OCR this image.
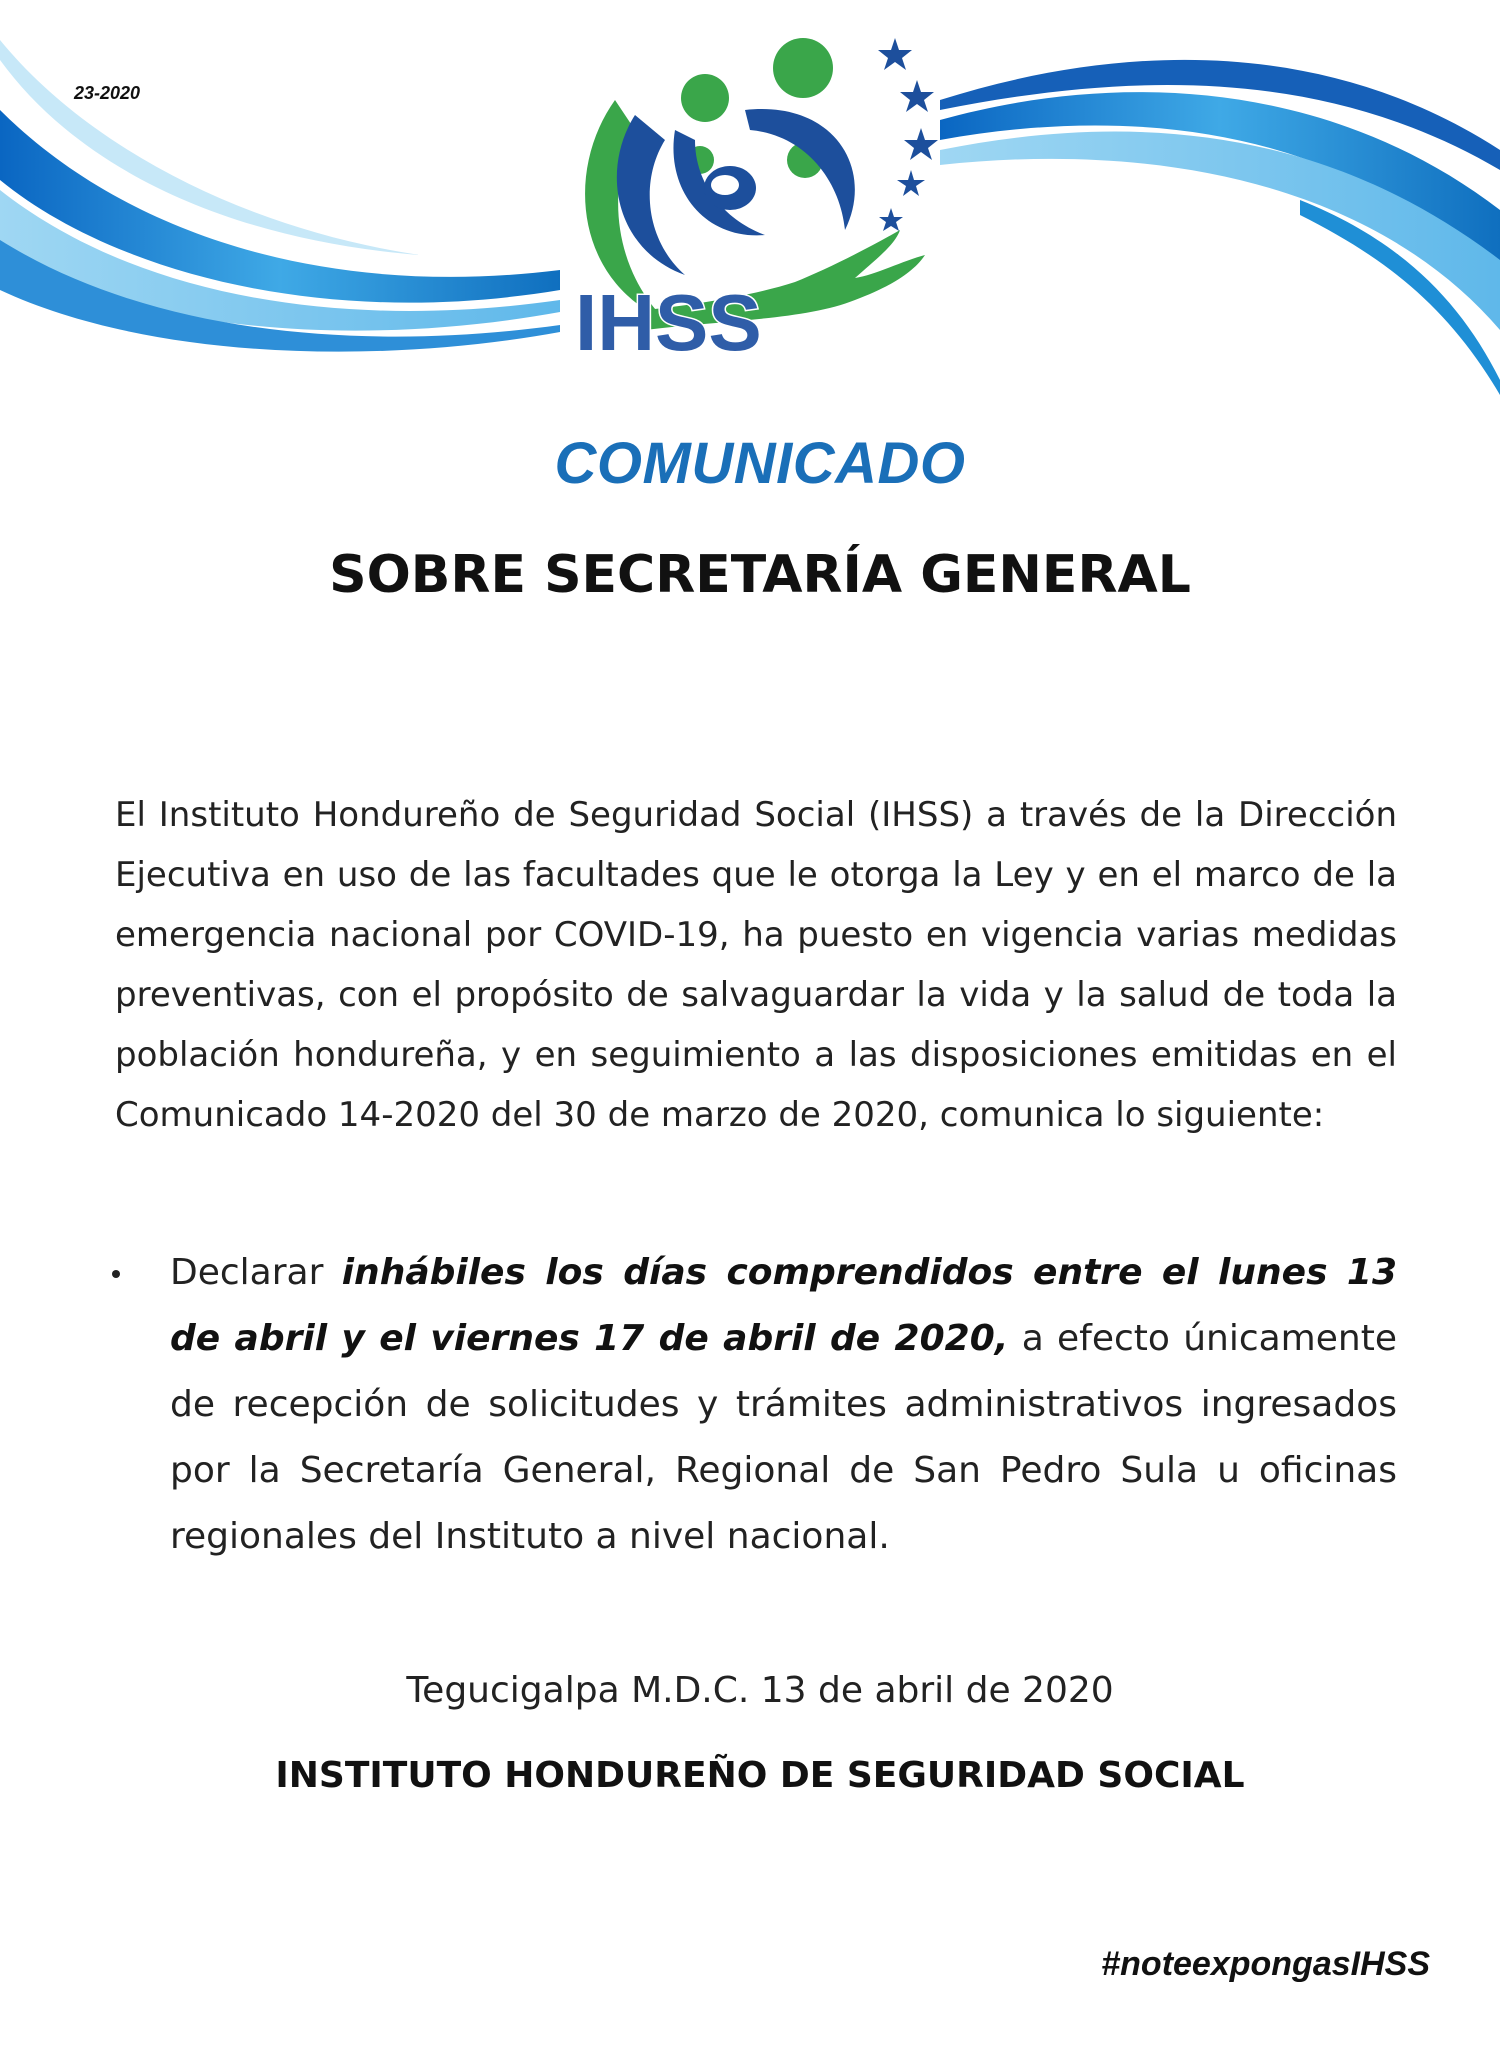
IHSS
23-2020
COMUNICADO
SOBRE SECRETARÍA GENERAL

El Instituto Hondureño de Seguridad Social (IHSS) a través de la Dirección Ejecutiva en uso de las facultades que le otorga la Ley y en el marco de la emergencia nacional por COVID-19, ha puesto en vigencia varias medidas preventivas, con el propósito de salvaguardar la vida y la salud de toda la población hondureña, y en seguimiento a las disposiciones emitidas en el Comunicado 14-2020 del 30 de marzo de 2020, comunica lo siguiente:

Declarar inhábiles los días comprendidos entre el lunes 13 de abril y el viernes 17 de abril de 2020, a efecto únicamente de recepción de solicitudes y trámites administrativos ingresados por la Secretaría General, Regional de San Pedro Sula u oficinas regionales del Instituto a nivel nacional.
Tegucigalpa M.D.C. 13 de abril de 2020
INSTITUTO HONDUREÑO DE SEGURIDAD SOCIAL
#noteexpongasIHSS
